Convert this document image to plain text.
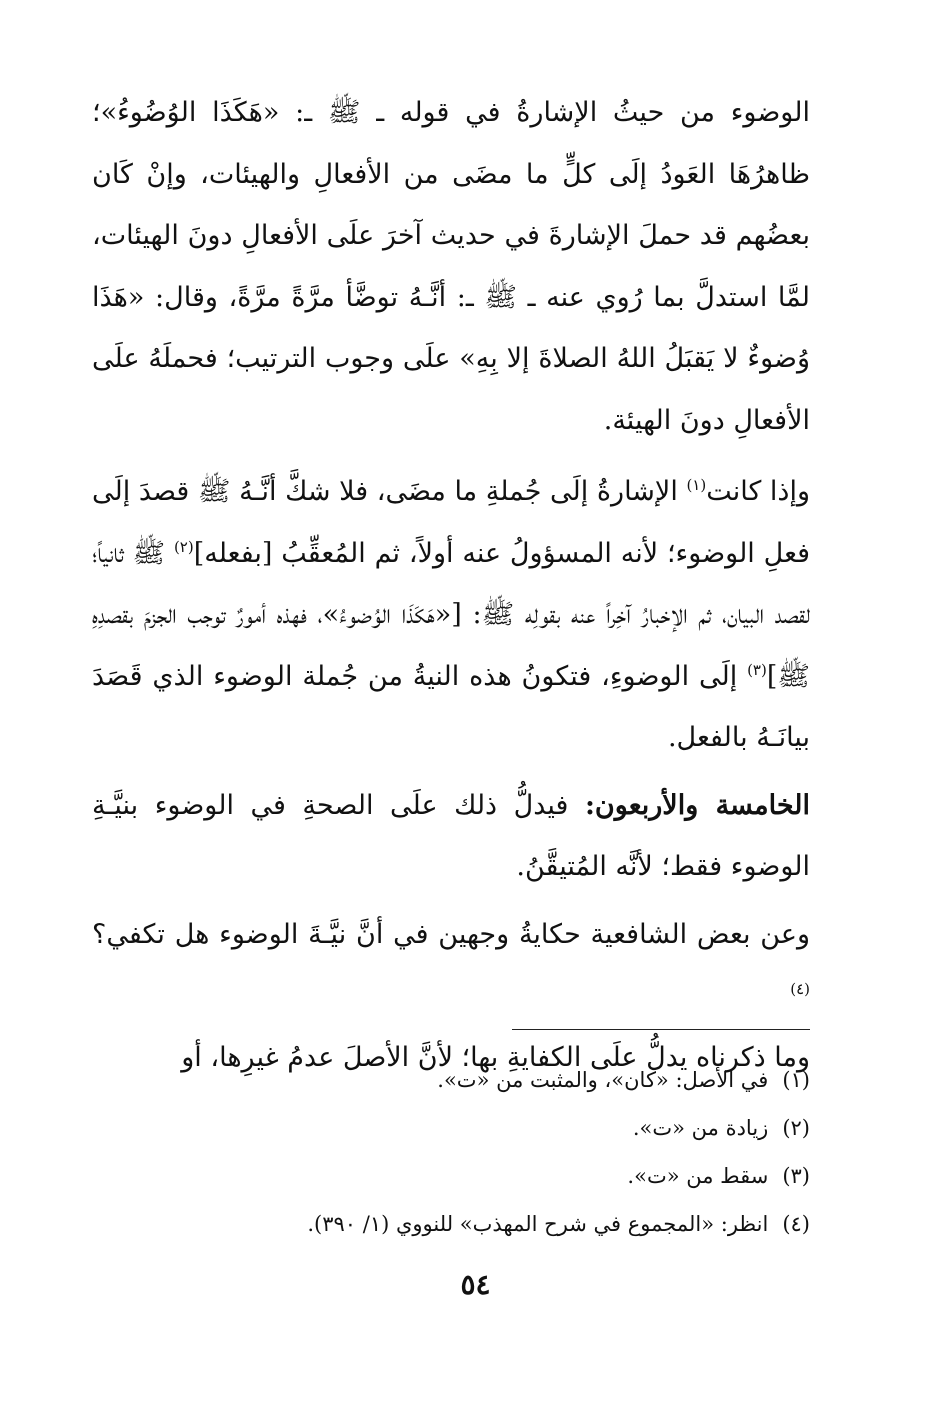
الوضوء من حيثُ الإشارةُ في قوله ـ ﷺ ـ: «هَكَذَا الوُضُوءُ»؛ ظاهرُهَا العَودُ إلَى كلٍّ ما مضَى من الأفعالِ والهيئات، وإنْ كَان بعضُهم قد حملَ الإشارةَ في حديث آخرَ علَى الأفعالِ دونَ الهيئات، لمَّا استدلَّ بما رُوي عنه ـ ﷺ ـ: أنَّـهُ توضَّأ مرَّةً مرَّةً، وقال: «هَذَا وُضوءٌ لا يَقبَلُ اللهُ الصلاةَ إلا بِهِ» علَى وجوب الترتيب؛ فحملَهُ علَى الأفعالِ دونَ الهيئة.

وإذا كانت$^{(١)}$ الإشارةُ إلَى جُملةِ ما مضَى، فلا شكَّ أنَّـهُ ﷺ قصدَ إلَى فعلِ الوضوء؛ لأنه المسؤولُ عنه أولاً، ثم المُعقِّبُ [بفعله]$^{(٢)}$ ﷺ ثانياً؛ لقصد البيان، ثم الإخبارُ آخِراً عنه بقولِه ﷺ: [«هَكَذَا الوُضوءُ»، فهذه أمورٌ توجب الجزمَ بقصدِهِ ﷺ]$^{(٣)}$ إلَى الوضوءِ، فتكونُ هذه النيةُ من جُملة الوضوء الذي قَصَدَ بيانَـهُ بالفعل.

الخامسة والأربعون: فيدلُّ ذلك علَى الصحةِ في الوضوء بنيَّـةِ الوضوء فقط؛ لأنَّه المُتيقَّنُ.

وعن بعض الشافعية حكايةُ وجهين في أنَّ نيَّـةَ الوضوء هل تكفي؟$^{(٤)}$

وما ذكرناه يدلُّ علَى الكفايةِ بها؛ لأنَّ الأصلَ عدمُ غيرِها، أو

(١)في الأصل: «كان»، والمثبت من «ت».
(٢)زيادة من «ت».
(٣)سقط من «ت».
(٤)انظر: «المجموع في شرح المهذب» للنووي (١/ ٣٩٠).
٥٤
